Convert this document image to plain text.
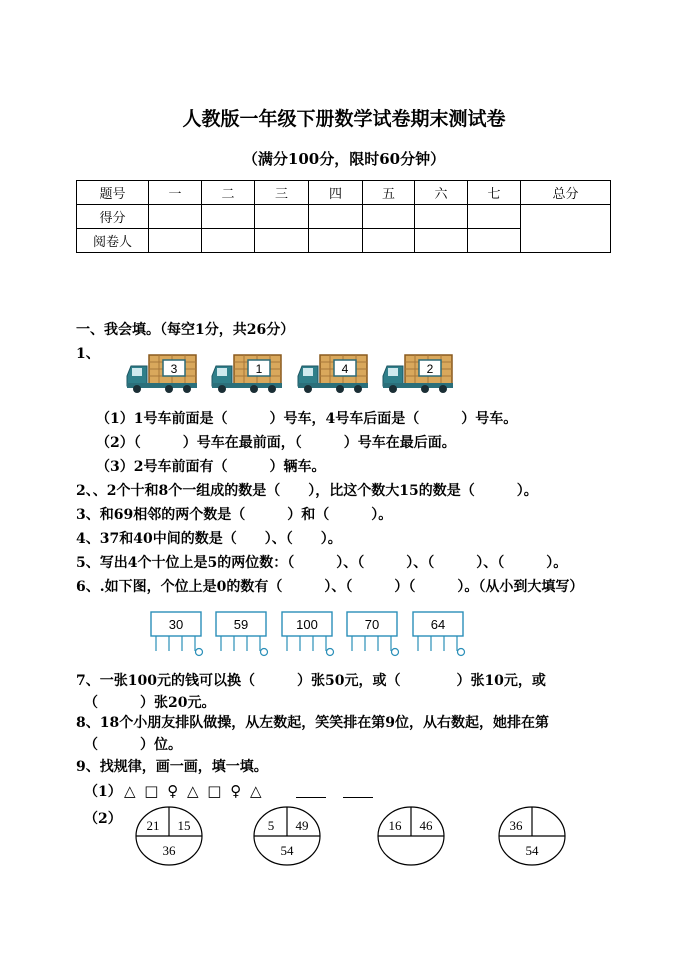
人教版一年级下册数学试卷期末测试卷
（满分100分，限时60分钟）
题号	一	二	三	四	五	六	七	总分
得分								
阅卷人								
一、我会填。（每空1分，共26分）
1、
3	1	4	2
（1）1号车前面是（　　　）号车，4号车后面是（　　　）号车。
（2）（　　　）号车在最前面，（　　　）号车在最后面。
（3）2号车前面有（　　　）辆车。
2、、2个十和8个一组成的数是（　　），比这个数大15的数是（　　　）。
3、和69相邻的两个数是（　　　）和（　　　）。
4、37和40中间的数是（　　）、（　　）。
5、写出4个十位上是5的两位数：（　　　）、（　　　）、（　　　）、（　　　）。
6、.如下图，个位上是0的数有（　　　）、（　　　）（　　　）。（从小到大填写）
30	59	100	70	64
7、一张100元的钱可以换（　　　）张50元，或（　　　　）张10元，或
（　　　）张20元。
8、18个小朋友排队做操，从左数起，笑笑排在第9位，从右数起，她排在第
（　　　）位。
9、找规律，画一画，填一填。
（1） △ □ ♀ △ □ ♀ △
（2） 21 15
36
5 49
54
16 46	36
54
